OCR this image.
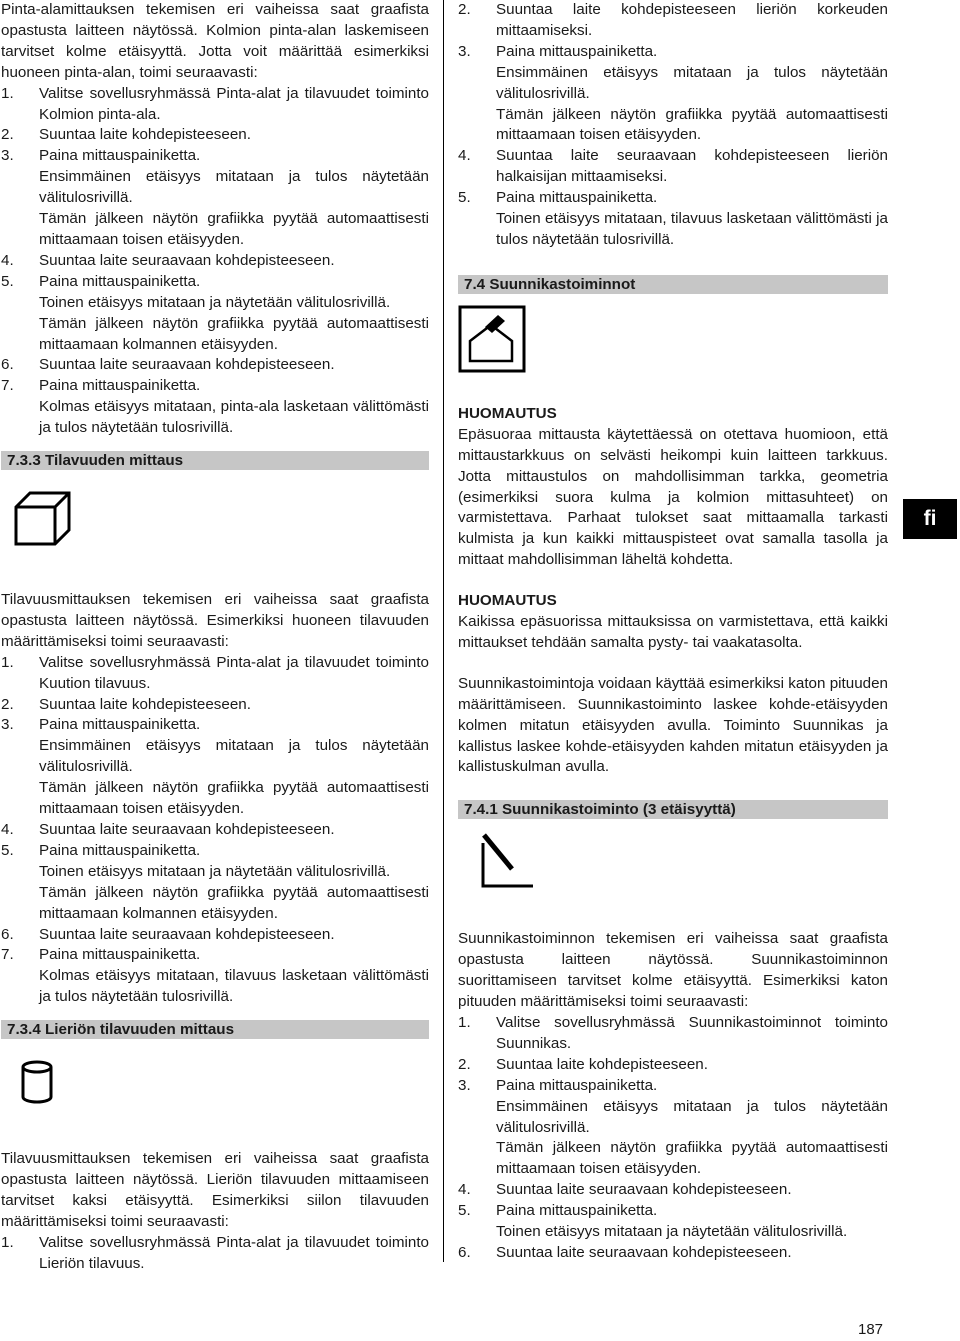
Pinta-alamittauksen tekemisen eri vaiheissa saat graafista opastusta laitteen näytössä. Kolmion pinta-alan laskemiseen tarvitset kolme etäisyyttä. Jotta voit määrittää esimerkiksi huoneen pinta-alan, toimi seuraavasti:

1. Valitse sovellusryhmässä Pinta-alat ja tilavuudet toiminto Kolmion pinta-ala.
2. Suuntaa laite kohdepisteeseen.
3. Paina mittauspainiketta.
Ensimmäinen etäisyys mitataan ja tulos näytetään välitulosrivillä.
Tämän jälkeen näytön grafiikka pyytää automaattisesti mittaamaan toisen etäisyyden.
4. Suuntaa laite seuraavaan kohdepisteeseen.
5. Paina mittauspainiketta.
Toinen etäisyys mitataan ja näytetään välitulosrivillä.
Tämän jälkeen näytön grafiikka pyytää automaattisesti mittaamaan kolmannen etäisyyden.
6. Suuntaa laite seuraavaan kohdepisteeseen.
7. Paina mittauspainiketta.
Kolmas etäisyys mitataan, pinta-ala lasketaan välittömästi ja tulos näytetään tulosrivillä.
7.3.3 Tilavuuden mittaus

Tilavuusmittauksen tekemisen eri vaiheissa saat graafista opastusta laitteen näytössä. Esimerkiksi huoneen tilavuuden määrittämiseksi toimi seuraavasti:

1. Valitse sovellusryhmässä Pinta-alat ja tilavuudet toiminto Kuution tilavuus.
2. Suuntaa laite kohdepisteeseen.
3. Paina mittauspainiketta.
Ensimmäinen etäisyys mitataan ja tulos näytetään välitulosrivillä.
Tämän jälkeen näytön grafiikka pyytää automaattisesti mittaamaan toisen etäisyyden.
4. Suuntaa laite seuraavaan kohdepisteeseen.
5. Paina mittauspainiketta.
Toinen etäisyys mitataan ja näytetään välitulosrivillä.
Tämän jälkeen näytön grafiikka pyytää automaattisesti mittaamaan kolmannen etäisyyden.
6. Suuntaa laite seuraavaan kohdepisteeseen.
7. Paina mittauspainiketta.
Kolmas etäisyys mitataan, tilavuus lasketaan välittömästi ja tulos näytetään tulosrivillä.
7.3.4 Lieriön tilavuuden mittaus

Tilavuusmittauksen tekemisen eri vaiheissa saat graafista opastusta laitteen näytössä. Lieriön tilavuuden mittaamiseen tarvitset kaksi etäisyyttä. Esimerkiksi siilon tilavuuden määrittämiseksi toimi seuraavasti:

1. Valitse sovellusryhmässä Pinta-alat ja tilavuudet toiminto Lieriön tilavuus.
2. Suuntaa laite kohdepisteeseen lieriön korkeuden mittaamiseksi.
3. Paina mittauspainiketta.
Ensimmäinen etäisyys mitataan ja tulos näytetään välitulosrivillä.
Tämän jälkeen näytön grafiikka pyytää automaattisesti mittaamaan toisen etäisyyden.
4. Suuntaa laite seuraavaan kohdepisteeseen lieriön halkaisijan mittaamiseksi.
5. Paina mittauspainiketta.
Toinen etäisyys mitataan, tilavuus lasketaan välittömästi ja tulos näytetään tulosrivillä.
7.4 Suunnikastoiminnot
HUOMAUTUS

Epäsuoraa mittausta käytettäessä on otettava huomioon, että mittaustarkkuus on selvästi heikompi kuin laitteen tarkkuus. Jotta mittaustulos on mahdollisimman tarkka, geometria (esimerkiksi suora kulma ja kolmion mittasuhteet) on varmistettava. Parhaat tulokset saat mittaamalla tarkasti kulmista ja kun kaikki mittauspisteet ovat samalla tasolla ja mittaat mahdollisimman läheltä kohdetta.

HUOMAUTUS

Kaikissa epäsuorissa mittauksissa on varmistettava, että kaikki mittaukset tehdään samalta pysty- tai vaakatasolta.

Suunnikastoimintoja voidaan käyttää esimerkiksi katon pituuden määrittämiseen. Suunnikastoiminto laskee kohde-etäisyyden kolmen mitatun etäisyyden avulla. Toiminto Suunnikas ja kallistus laskee kohde-etäisyyden kahden mitatun etäisyyden ja kallistuskulman avulla.

7.4.1 Suunnikastoiminto (3 etäisyyttä)

Suunnikastoiminnon tekemisen eri vaiheissa saat graafista opastusta laitteen näytössä. Suunnikastoiminnon suorittamiseen tarvitset kolme etäisyyttä. Esimerkiksi katon pituuden määrittämiseksi toimi seuraavasti:

1. Valitse sovellusryhmässä Suunnikastoiminnot toiminto Suunnikas.
2. Suuntaa laite kohdepisteeseen.
3. Paina mittauspainiketta.
Ensimmäinen etäisyys mitataan ja tulos näytetään välitulosrivillä.
Tämän jälkeen näytön grafiikka pyytää automaattisesti mittaamaan toisen etäisyyden.
4. Suuntaa laite seuraavaan kohdepisteeseen.
5. Paina mittauspainiketta.
Toinen etäisyys mitataan ja näytetään välitulosrivillä.
6. Suuntaa laite seuraavaan kohdepisteeseen.
fi
187
